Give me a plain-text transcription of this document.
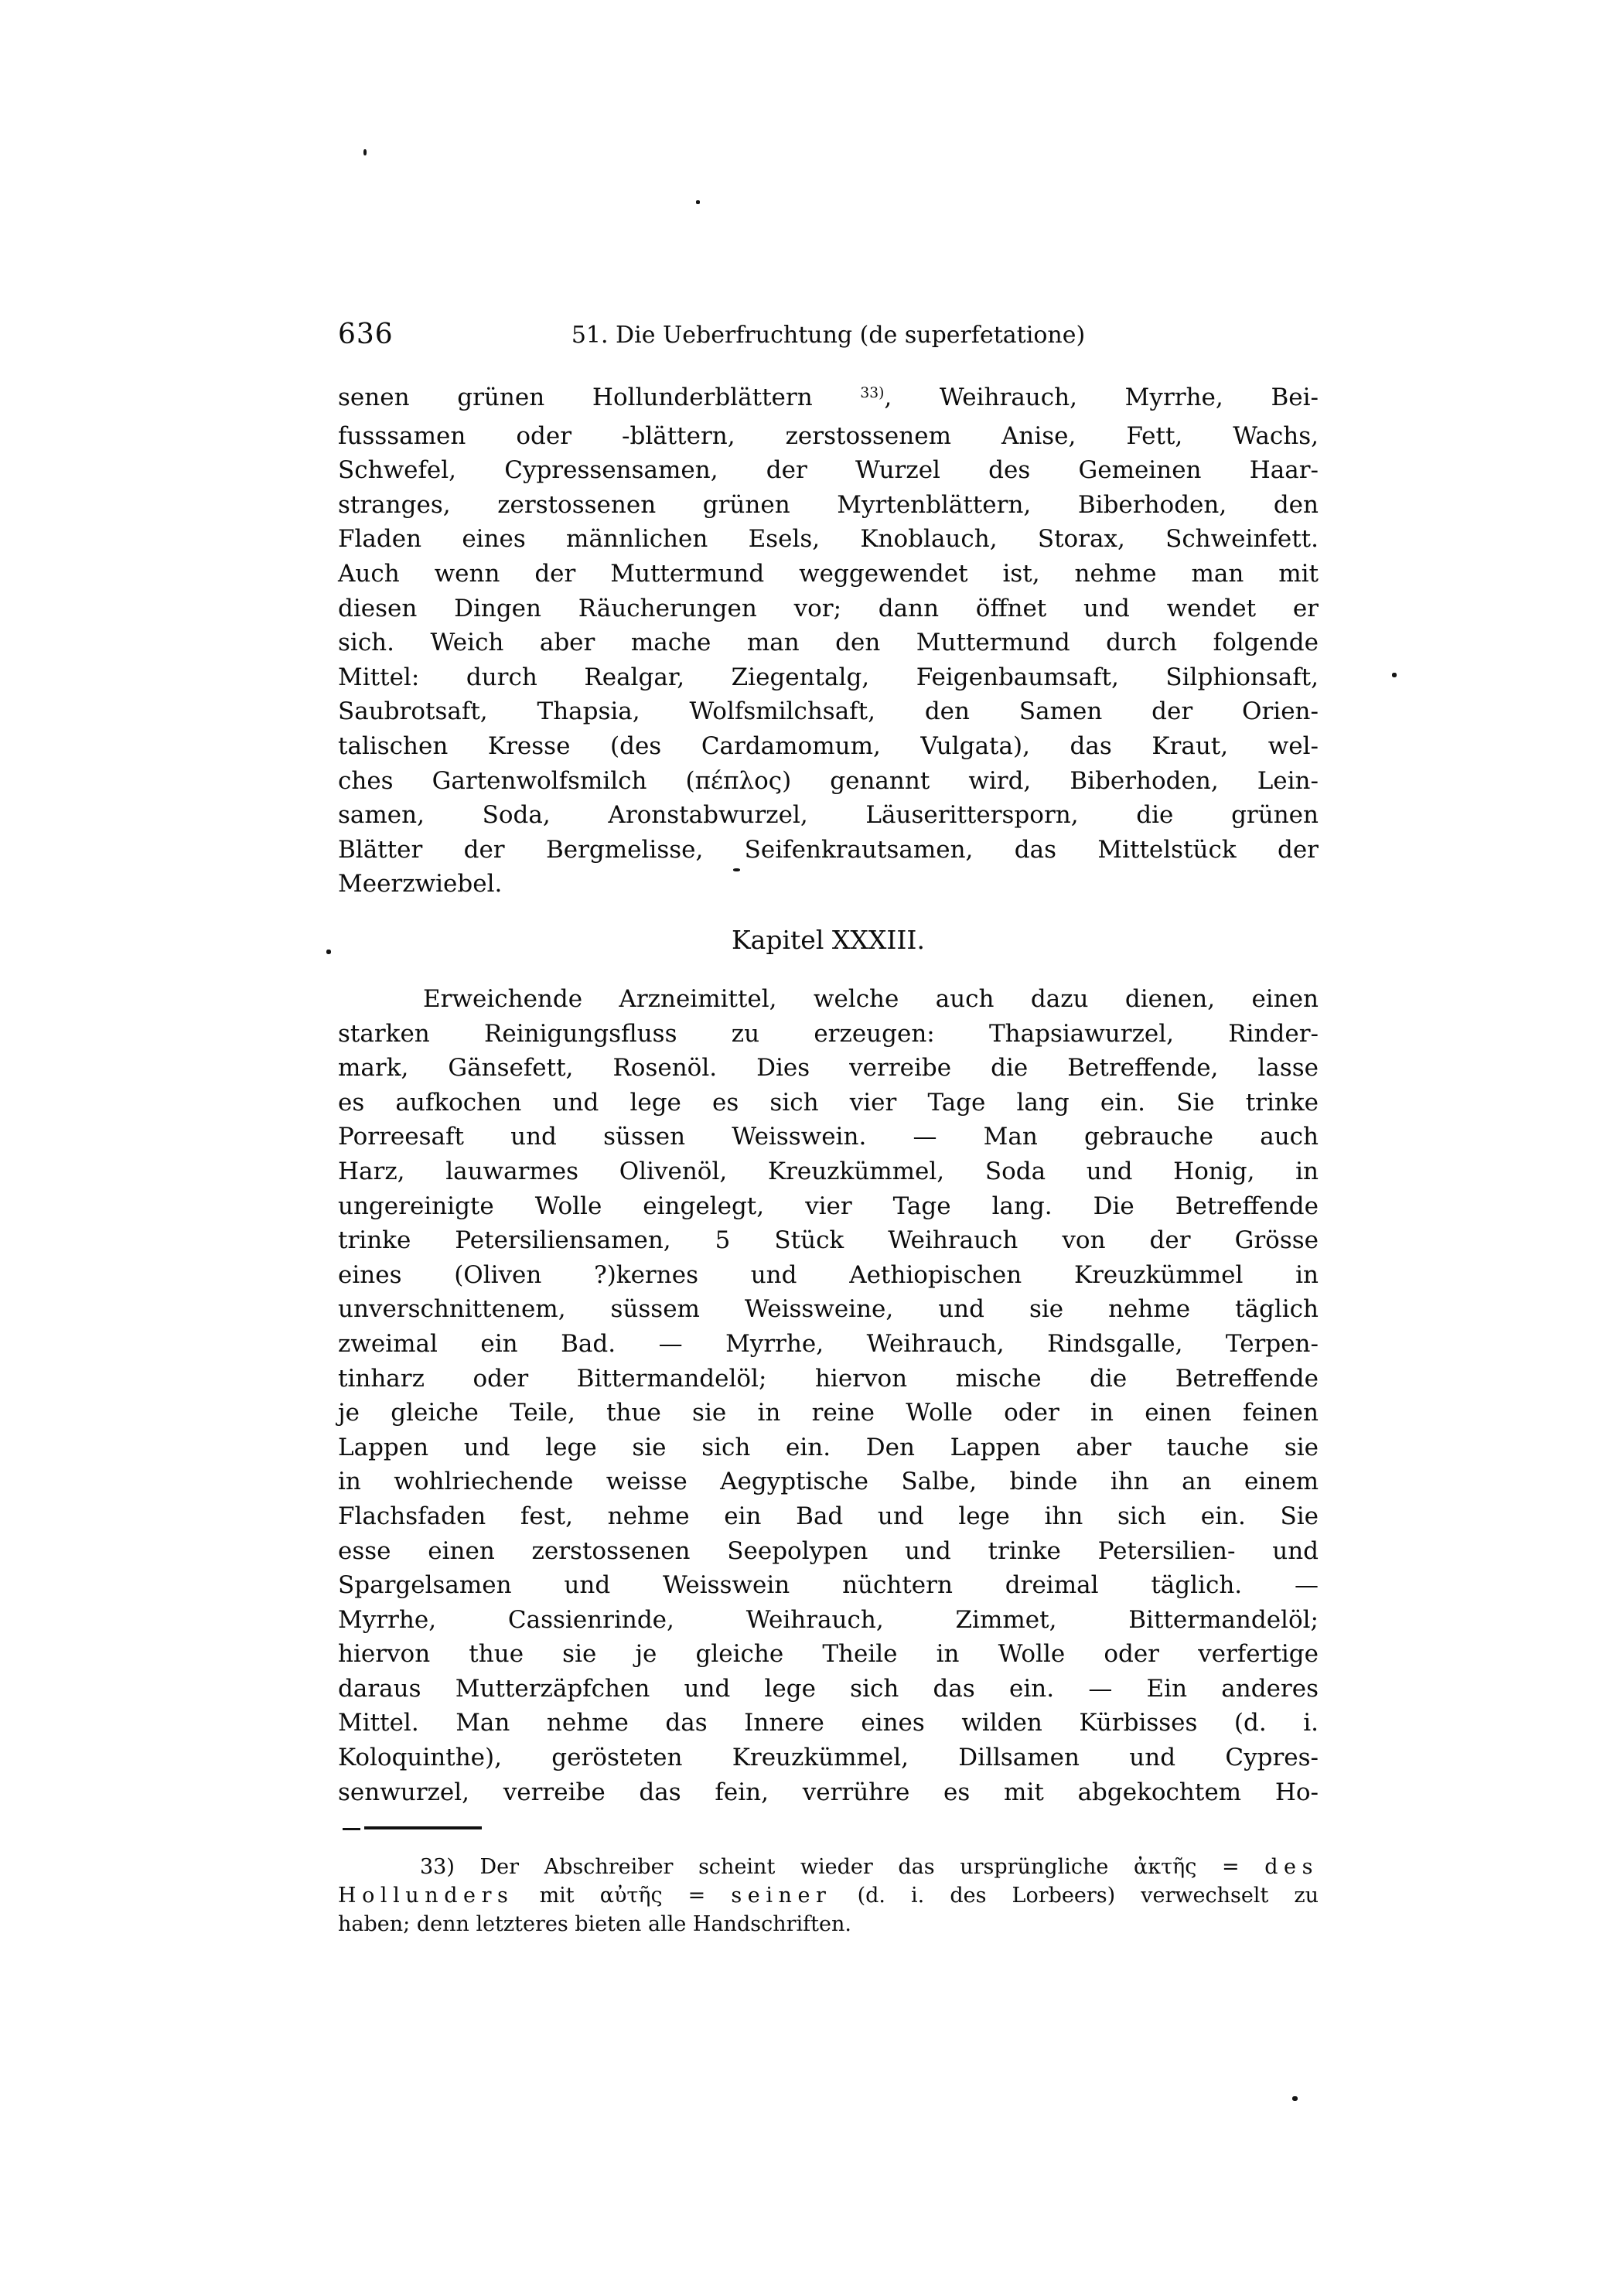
636	51. Die Ueberfruchtung (de superfetatione)
senen grünen Hollunderblättern	$^{33)}$, Weihrauch, Myrrhe, Bei-
fusssamen oder -blättern, zerstossenem Anise, Fett, Wachs,
Schwefel, Cypressensamen, der Wurzel des Gemeinen Haar-
stranges, zerstossenen grünen Myrtenblättern, Biberhoden, den
Fladen eines männlichen Esels, Knoblauch, Storax, Schweinfett.
Auch wenn der Muttermund weggewendet ist, nehme man mit
diesen Dingen Räucherungen vor; dann öffnet und wendet er
sich. Weich aber mache man den Muttermund durch folgende
Mittel: durch Realgar, Ziegentalg, Feigenbaumsaft, Silphionsaft,
Saubrotsaft, Thapsia, Wolfsmilchsaft, den Samen der Orien-
talischen Kresse (des Cardamomum, Vulgata), das Kraut, wel-
ches Gartenwolfsmilch (πέπλος) genannt wird, Biberhoden, Lein-
samen, Soda, Aronstabwurzel, Läuserittersporn, die grünen
Blätter der Bergmelisse, Seifenkrautsamen, das Mittelstück der
Meerzwiebel.
Kapitel XXXIII.
Erweichende Arzneimittel, welche auch dazu dienen, einen
starken Reinigungsfluss zu erzeugen: Thapsiawurzel, Rinder-
mark, Gänsefett, Rosenöl. Dies verreibe die Betreffende, lasse
es aufkochen und lege es sich vier Tage lang ein. Sie trinke
Porreesaft und süssen Weisswein. — Man gebrauche auch
Harz, lauwarmes Olivenöl, Kreuzkümmel, Soda und Honig, in
ungereinigte Wolle eingelegt, vier Tage lang. Die Betreffende
trinke Petersiliensamen, 5 Stück Weihrauch von der Grösse
eines (Oliven ?)kernes und Aethiopischen Kreuzkümmel in
unverschnittenem, süssem Weissweine, und sie nehme täglich
zweimal ein Bad. — Myrrhe, Weihrauch, Rindsgalle, Terpen-
tinharz oder Bittermandelöl; hiervon mische die Betreffende
je gleiche Teile, thue sie in reine Wolle oder in einen feinen
Lappen und lege sie sich ein. Den Lappen aber tauche sie
in wohlriechende weisse Aegyptische Salbe, binde ihn an einem
Flachsfaden fest, nehme ein Bad und lege ihn sich ein. Sie
esse einen zerstossenen Seepolypen und trinke Petersilien- und
Spargelsamen und Weisswein nüchtern dreimal täglich. —
Myrrhe, Cassienrinde, Weihrauch, Zimmet, Bittermandelöl;
hiervon thue sie je gleiche Theile in Wolle oder verfertige
daraus Mutterzäpfchen und lege sich das ein. — Ein anderes
Mittel. Man nehme das Innere eines wilden Kürbisses (d. i.
Koloquinthe), gerösteten Kreuzkümmel, Dillsamen und Cypres-
senwurzel, verreibe das fein, verrühre es mit abgekochtem Ho-
33) Der Abschreiber scheint wieder das ursprüngliche ἀκτῆς = des
Hollunders mit αὐτῆς = seiner (d. i. des Lorbeers) verwechselt zu
haben; denn letzteres bieten alle Handschriften.
